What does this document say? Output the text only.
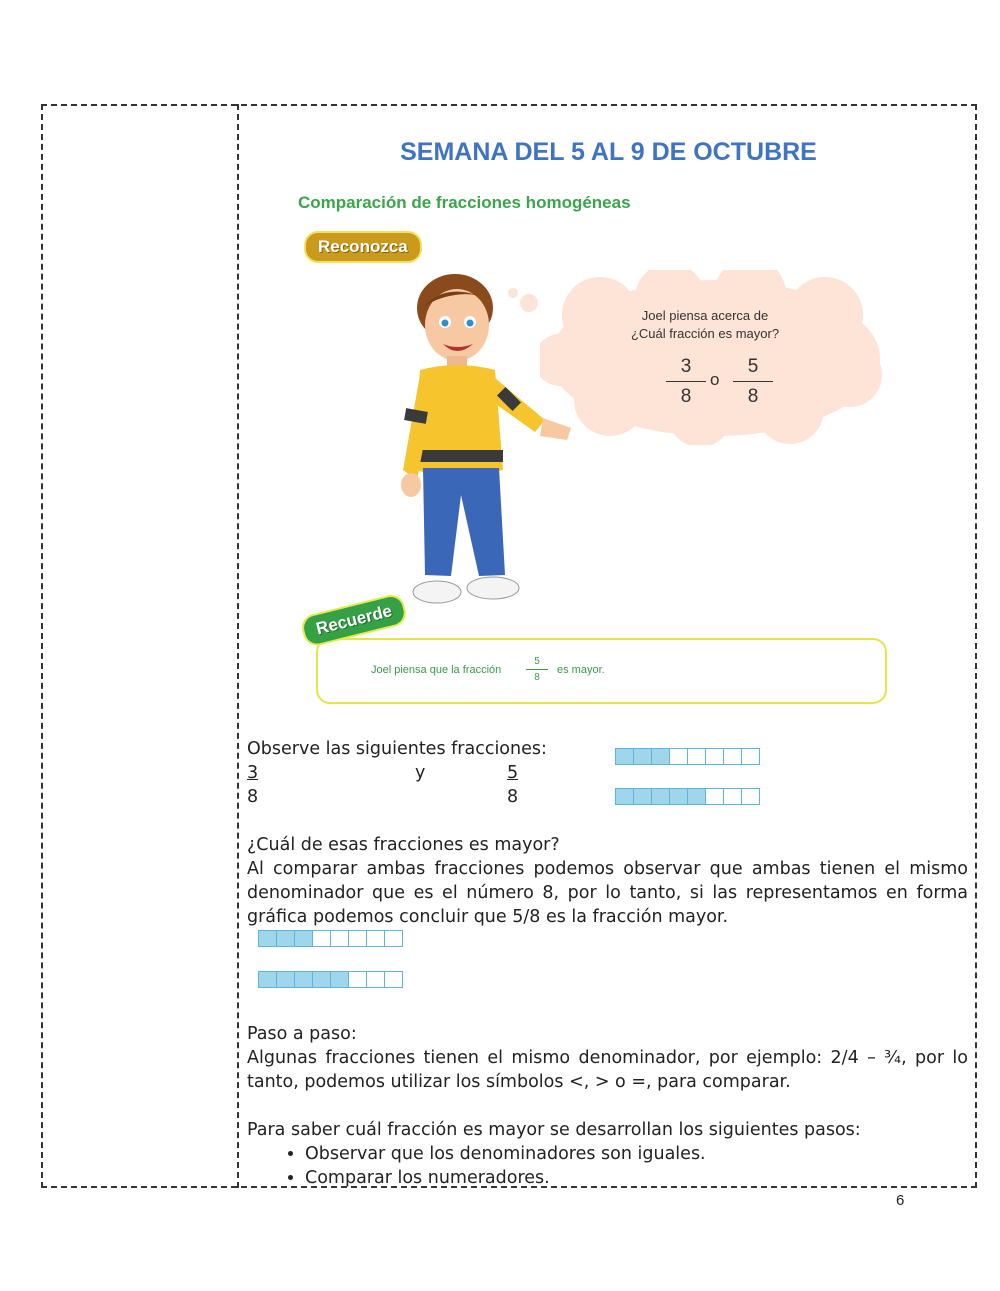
SEMANA DEL 5 AL 9 DE OCTUBRE
Comparación de fracciones homogéneas
Reconozca
Joel piensa acerca de
¿Cuál fracción es mayor?
$\frac{3}{8}$ o $\frac{5}{8}$
Recuerde
Joel piensa que la fracción $\frac{5}{8}$ es mayor.
Observe las siguientes fracciones:
3
8
y	5
8
¿Cuál de esas fracciones es mayor?
Al comparar ambas fracciones podemos observar que ambas tienen el mismo denominador que es el número 8, por lo tanto, si las representamos en forma gráfica podemos concluir que 5/8 es la fracción mayor.
Paso a paso:
Algunas fracciones tienen el mismo denominador, por ejemplo: 2/4 – ¾, por lo tanto, podemos utilizar los símbolos <, > o =, para comparar.
Para saber cuál fracción es mayor se desarrollan los siguientes pasos:
• Observar que los denominadores son iguales.
• Comparar los numeradores.
6
